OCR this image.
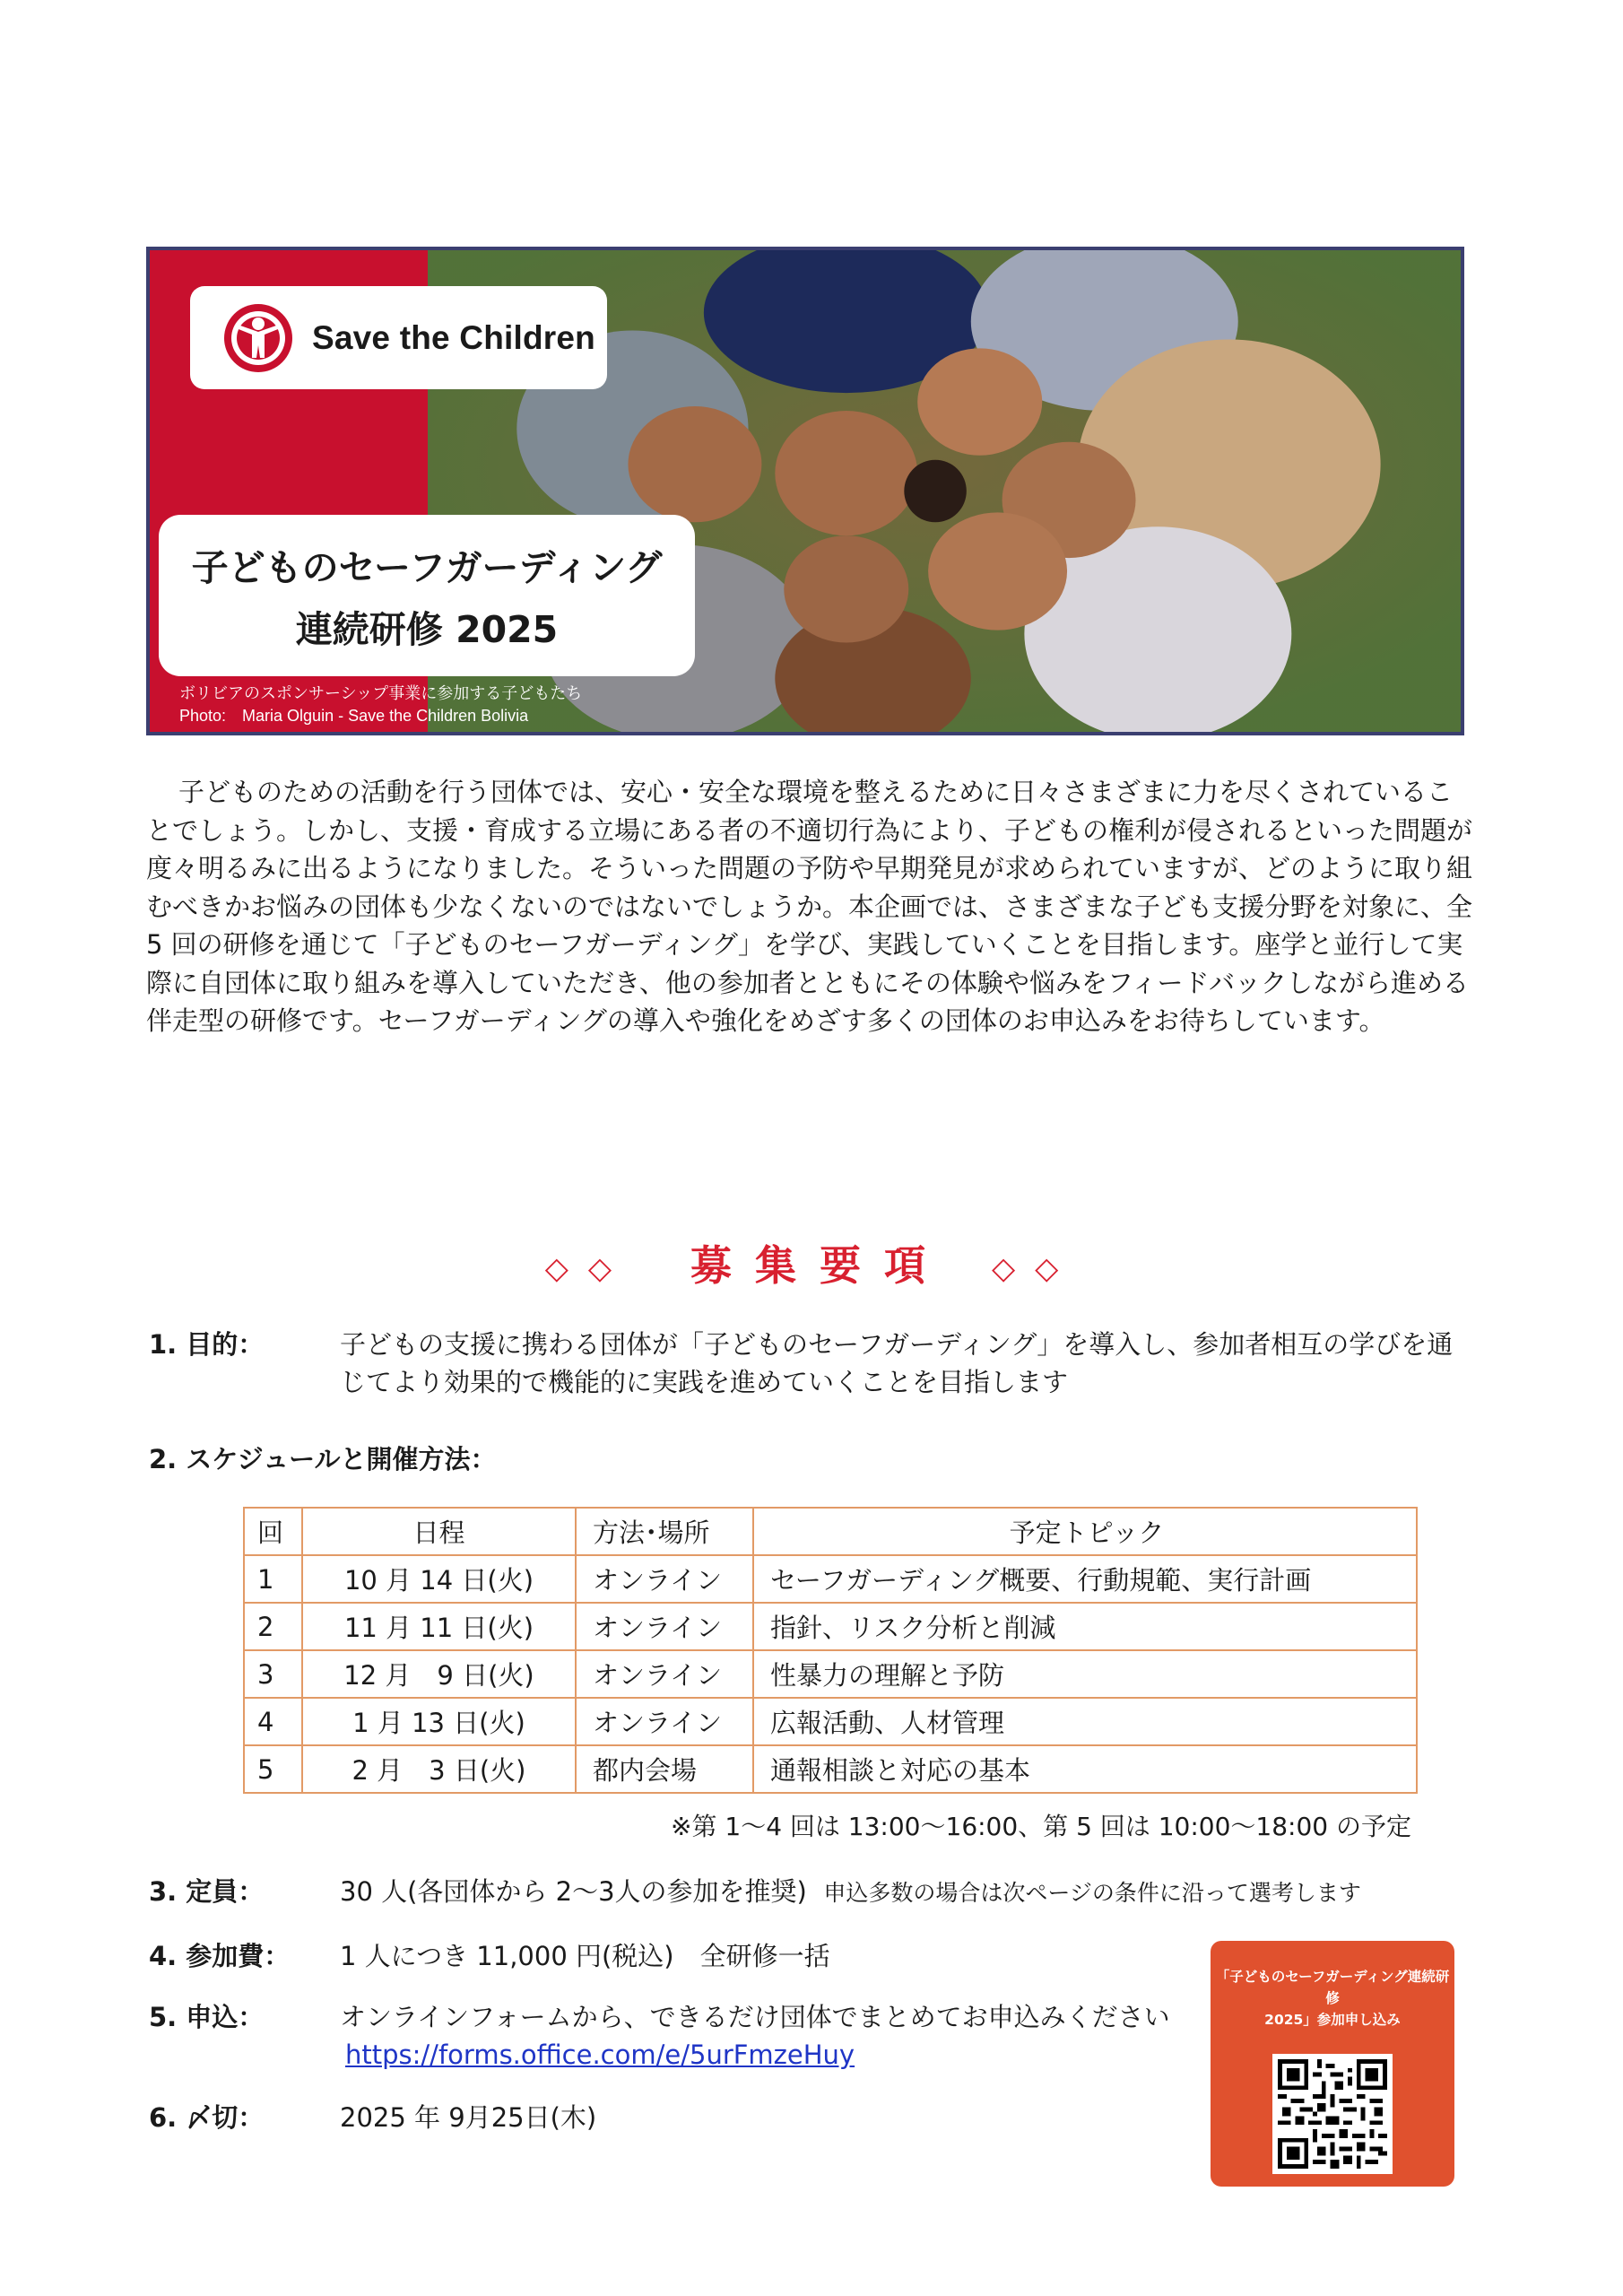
Save the Children
子どものセーフガーディング
連続研修 2025
ボリビアのスポンサーシップ事業に参加する子どもたち
Photo:　Maria Olguin - Save the Children Bolivia

子どものための活動を行う団体では、安心・安全な環境を整えるために日々さまざまに力を尽くされていることでしょう。しかし、支援・育成する立場にある者の不適切行為により、子どもの権利が侵されるといった問題が度々明るみに出るようになりました。そういった問題の予防や早期発見が求められていますが、どのように取り組むべきかお悩みの団体も少なくないのではないでしょうか。本企画では、さまざまな子ども支援分野を対象に、全 5 回の研修を通じて「子どものセーフガーディング」を学び、実践していくことを目指します。座学と並行して実際に自団体に取り組みを導入していただき、他の参加者とともにその体験や悩みをフィードバックしながら進める伴走型の研修です。セーフガーディングの導入や強化をめざす多くの団体のお申込みをお待ちしています。

◇◇ 募集要項 ◇◇
1. 目的：	子どもの支援に携わる団体が「子どものセーフガーディング」を導入し、参加者相互の学びを通じてより効果的で機能的に実践を進めていくことを目指します
2. スケジュールと開催方法：
回	日程	方法･場所	予定トピック
1	10 月 14 日(火)	オンライン	セーフガーディング概要、行動規範、実行計画
2	11 月 11 日(火)	オンライン	指針、リスク分析と削減
3	12 月　9 日(火)	オンライン	性暴力の理解と予防
4	1 月 13 日(火)	オンライン	広報活動、人材管理
5	2 月　3 日(火)	都内会場	通報相談と対応の基本
※第 1～4 回は 13:00～16:00、第 5 回は 10:00～18:00 の予定
3. 定員：	30 人(各団体から 2～3人の参加を推奨) 申込多数の場合は次ページの条件に沿って選考します
4. 参加費： 1 人につき 11,000 円(税込)　全研修一括
5. 申込：	オンラインフォームから、できるだけ団体でまとめてお申込みください
https://forms.office.com/e/5urFmzeHuy
6. 〆切：	2025 年 9月25日(木)
「子どものセーフガーディング連続研修
2025」参加申し込み
